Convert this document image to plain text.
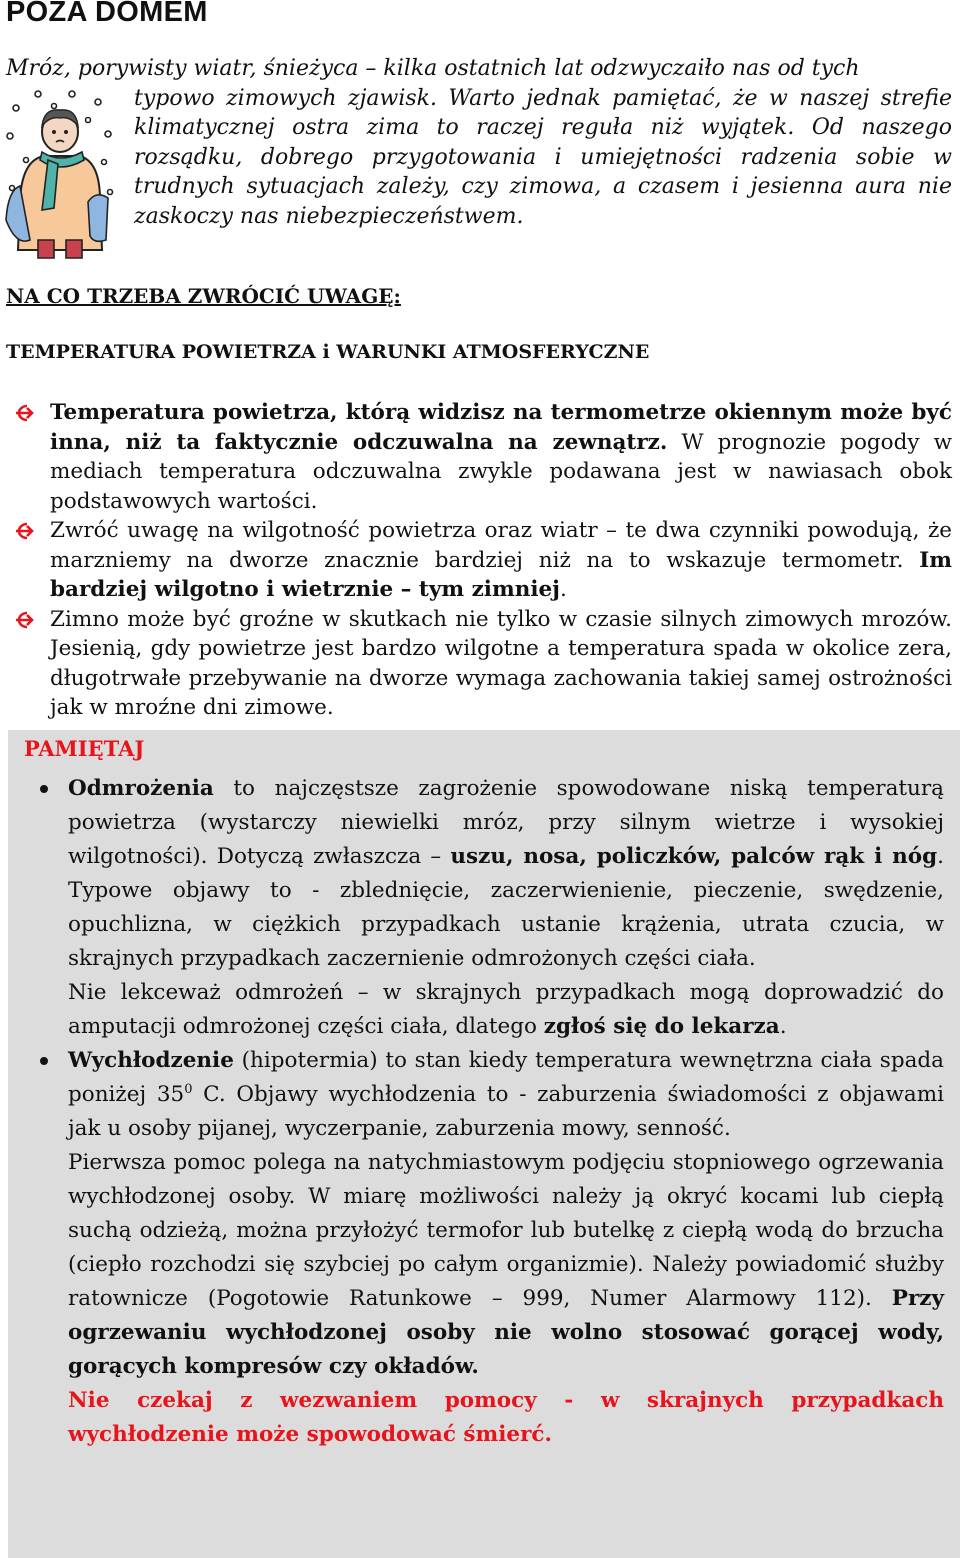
POZA DOMEM
Mróz, porywisty wiatr, śnieżyca – kilka ostatnich lat odzwyczaiło nas od tych
typowo zimowych zjawisk. Warto jednak pamiętać, że w naszej strefie klimatycznej ostra zima to raczej reguła niż wyjątek. Od naszego rozsądku, dobrego przygotowania i umiejętności radzenia sobie w trudnych sytuacjach zależy, czy zimowa, a czasem i jesienna aura nie zaskoczy nas niebezpieczeństwem.
NA CO TRZEBA ZWRÓCIĆ UWAGĘ:
TEMPERATURA POWIETRZA i WARUNKI ATMOSFERYCZNE
Temperatura powietrza, którą widzisz na termometrze okiennym może być inna, niż ta faktycznie odczuwalna na zewnątrz. W prognozie pogody w mediach temperatura odczuwalna zwykle podawana jest w nawiasach obok podstawowych wartości.
Zwróć uwagę na wilgotność powietrza oraz wiatr – te dwa czynniki powodują, że marzniemy na dworze znacznie bardziej niż na to wskazuje termometr. Im bardziej wilgotno i wietrznie – tym zimniej.
Zimno może być groźne w skutkach nie tylko w czasie silnych zimowych mrozów. Jesienią, gdy powietrze jest bardzo wilgotne a temperatura spada w okolice zera, długotrwałe przebywanie na dworze wymaga zachowania takiej samej ostrożności jak w mroźne dni zimowe.
PAMIĘTAJ

Odmrożenia to najczęstsze zagrożenie spowodowane niską temperaturą powietrza (wystarczy niewielki mróz, przy silnym wietrze i wysokiej wilgotności). Dotyczą zwłaszcza – uszu, nosa, policzków, palców rąk i nóg. Typowe objawy to - zblednięcie, zaczerwienienie, pieczenie, swędzenie, opuchlizna, w ciężkich przypadkach ustanie krążenia, utrata czucia, w skrajnych przypadkach zaczernienie odmrożonych części ciała.

Nie lekceważ odmrożeń – w skrajnych przypadkach mogą doprowadzić do amputacji odmrożonej części ciała, dlatego zgłoś się do lekarza.

Wychłodzenie (hipotermia) to stan kiedy temperatura wewnętrzna ciała spada poniżej $35^0$ C. Objawy wychłodzenia to - zaburzenia świadomości z objawami jak u osoby pijanej, wyczerpanie, zaburzenia mowy, senność.

Pierwsza pomoc polega na natychmiastowym podjęciu stopniowego ogrzewania wychłodzonej osoby. W miarę możliwości należy ją okryć kocami lub ciepłą suchą odzieżą, można przyłożyć termofor lub butelkę z ciepłą wodą do brzucha (ciepło rozchodzi się szybciej po całym organizmie). Należy powiadomić służby ratownicze (Pogotowie Ratunkowe – 999, Numer Alarmowy 112). Przy ogrzewaniu wychłodzonej osoby nie wolno stosować gorącej wody, gorących kompresów czy okładów.

Nie czekaj z wezwaniem pomocy - w skrajnych przypadkach wychłodzenie może spowodować śmierć.
